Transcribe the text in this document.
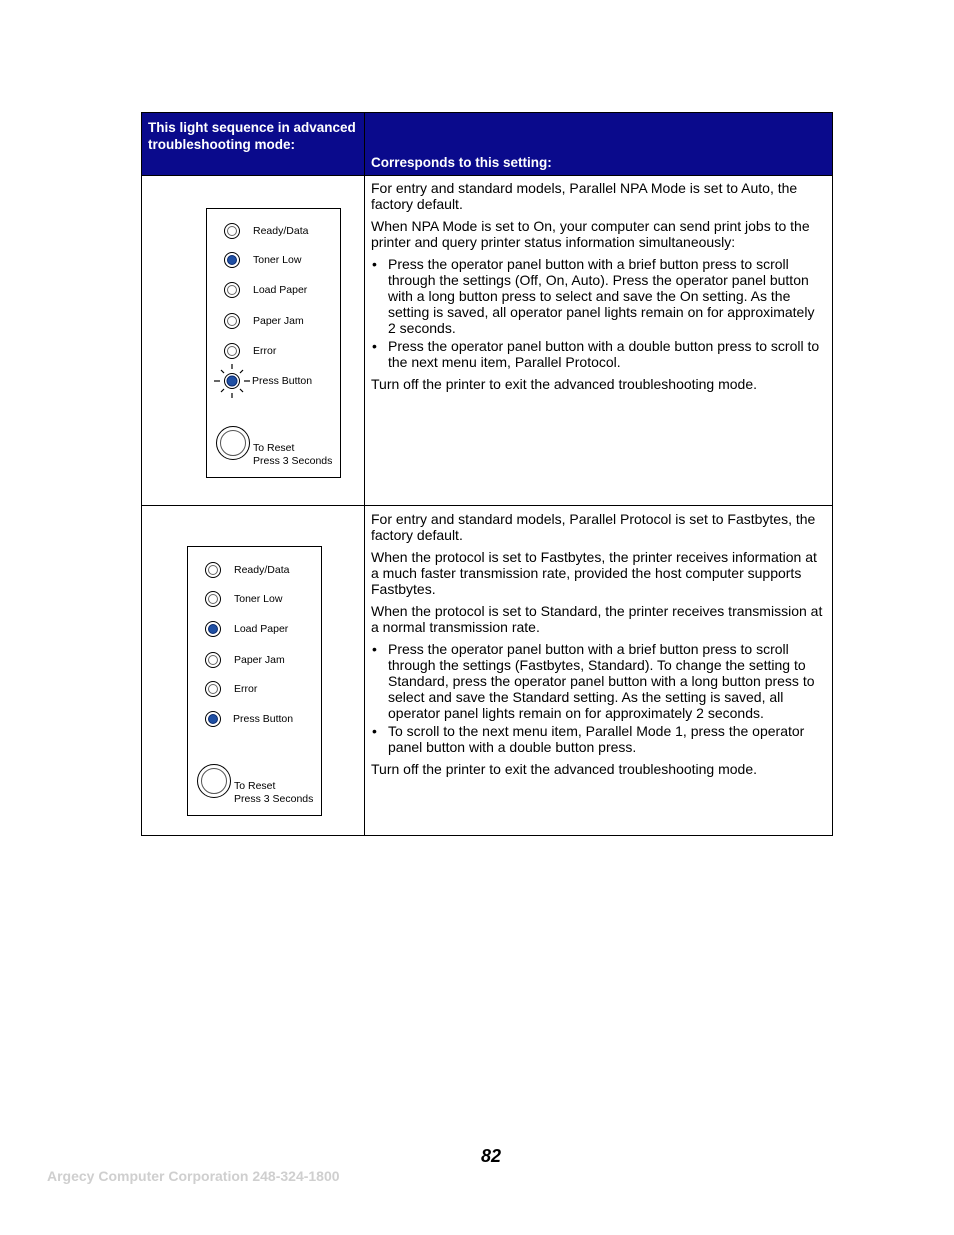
This light sequence in advanced troubleshooting mode:
Corresponds to this setting:
Ready/Data
Toner Low
Load Paper
Paper Jam
Error
Press Button
To Reset
Press 3 Seconds

For entry and standard models, Parallel NPA Mode is set to Auto, the factory default.

When NPA Mode is set to On, your computer can send print jobs to the printer and query printer status information simultaneously:

• Press the operator panel button with a brief button press to scroll through the settings (Off, On, Auto). Press the operator panel button with a long button press to select and save the On setting. As the setting is saved, all operator panel lights remain on for approximately 2 seconds.
• Press the operator panel button with a double button press to scroll to the next menu item, Parallel Protocol.

Turn off the printer to exit the advanced troubleshooting mode.

Ready/Data
Toner Low
Load Paper
Paper Jam
Error
Press Button
To Reset
Press 3 Seconds

For entry and standard models, Parallel Protocol is set to Fastbytes, the factory default.

When the protocol is set to Fastbytes, the printer receives information at a much faster transmission rate, provided the host computer supports Fastbytes.

When the protocol is set to Standard, the printer receives transmission at a normal transmission rate.

• Press the operator panel button with a brief button press to scroll through the settings (Fastbytes, Standard). To change the setting to Standard, press the operator panel button with a long button press to select and save the Standard setting. As the setting is saved, all operator panel lights remain on for approximately 2 seconds.
• To scroll to the next menu item, Parallel Mode 1, press the operator panel button with a double button press.

Turn off the printer to exit the advanced troubleshooting mode.

82
Argecy Computer Corporation 248-324-1800
